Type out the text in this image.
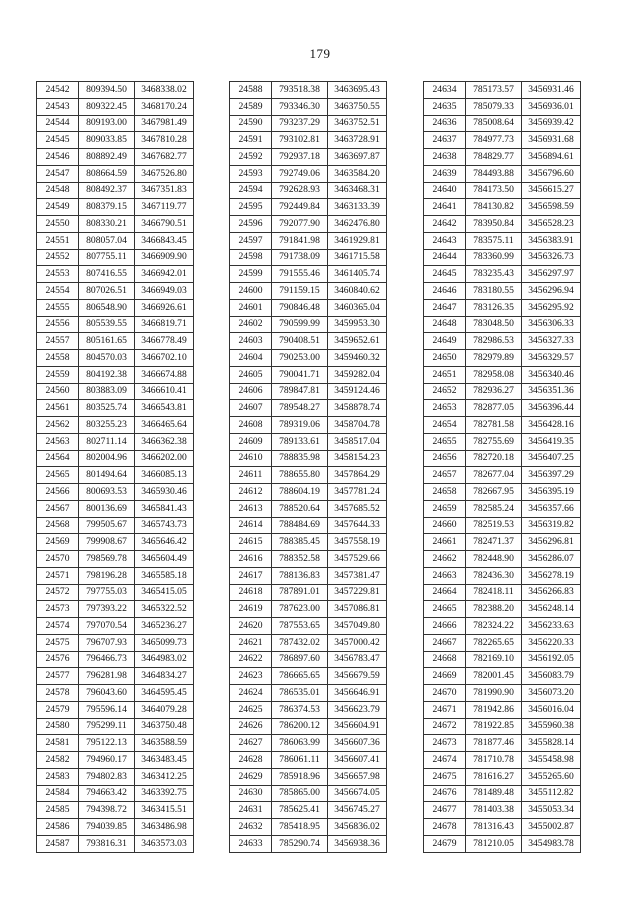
179
24542	809394.50	3468338.02
24543	809322.45	3468170.24
24544	809193.00	3467981.49
24545	809033.85	3467810.28
24546	808892.49	3467682.77
24547	808664.59	3467526.80
24548	808492.37	3467351.83
24549	808379.15	3467119.77
24550	808330.21	3466790.51
24551	808057.04	3466843.45
24552	807755.11	3466909.90
24553	807416.55	3466942.01
24554	807026.51	3466949.03
24555	806548.90	3466926.61
24556	805539.55	3466819.71
24557	805161.65	3466778.49
24558	804570.03	3466702.10
24559	804192.38	3466674.88
24560	803883.09	3466610.41
24561	803525.74	3466543.81
24562	803255.23	3466465.64
24563	802711.14	3466362.38
24564	802004.96	3466202.00
24565	801494.64	3466085.13
24566	800693.53	3465930.46
24567	800136.69	3465841.43
24568	799505.67	3465743.73
24569	799908.67	3465646.42
24570	798569.78	3465604.49
24571	798196.28	3465585.18
24572	797755.03	3465415.05
24573	797393.22	3465322.52
24574	797070.54	3465236.27
24575	796707.93	3465099.73
24576	796466.73	3464983.02
24577	796281.98	3464834.27
24578	796043.60	3464595.45
24579	795596.14	3464079.28
24580	795299.11	3463750.48
24581	795122.13	3463588.59
24582	794960.17	3463483.45
24583	794802.83	3463412.25
24584	794663.42	3463392.75
24585	794398.72	3463415.51
24586	794039.85	3463486.98
24587	793816.31	3463573.03
24588	793518.38	3463695.43
24589	793346.30	3463750.55
24590	793237.29	3463752.51
24591	793102.81	3463728.91
24592	792937.18	3463697.87
24593	792749.06	3463584.20
24594	792628.93	3463468.31
24595	792449.84	3463133.39
24596	792077.90	3462476.80
24597	791841.98	3461929.81
24598	791738.09	3461715.58
24599	791555.46	3461405.74
24600	791159.15	3460840.62
24601	790846.48	3460365.04
24602	790599.99	3459953.30
24603	790408.51	3459652.61
24604	790253.00	3459460.32
24605	790041.71	3459282.04
24606	789847.81	3459124.46
24607	789548.27	3458878.74
24608	789319.06	3458704.78
24609	789133.61	3458517.04
24610	788835.98	3458154.23
24611	788655.80	3457864.29
24612	788604.19	3457781.24
24613	788520.64	3457685.52
24614	788484.69	3457644.33
24615	788385.45	3457558.19
24616	788352.58	3457529.66
24617	788136.83	3457381.47
24618	787891.01	3457229.81
24619	787623.00	3457086.81
24620	787553.65	3457049.80
24621	787432.02	3457000.42
24622	786897.60	3456783.47
24623	786665.65	3456679.59
24624	786535.01	3456646.91
24625	786374.53	3456623.79
24626	786200.12	3456604.91
24627	786063.99	3456607.36
24628	786061.11	3456607.41
24629	785918.96	3456657.98
24630	785865.00	3456674.05
24631	785625.41	3456745.27
24632	785418.95	3456836.02
24633	785290.74	3456938.36
24634	785173.57	3456931.46
24635	785079.33	3456936.01
24636	785008.64	3456939.42
24637	784977.73	3456931.68
24638	784829.77	3456894.61
24639	784493.88	3456796.60
24640	784173.50	3456615.27
24641	784130.82	3456598.59
24642	783950.84	3456528.23
24643	783575.11	3456383.91
24644	783360.99	3456326.73
24645	783235.43	3456297.97
24646	783180.55	3456296.94
24647	783126.35	3456295.92
24648	783048.50	3456306.33
24649	782986.53	3456327.33
24650	782979.89	3456329.57
24651	782958.08	3456340.46
24652	782936.27	3456351.36
24653	782877.05	3456396.44
24654	782781.58	3456428.16
24655	782755.69	3456419.35
24656	782720.18	3456407.25
24657	782677.04	3456397.29
24658	782667.95	3456395.19
24659	782585.24	3456357.66
24660	782519.53	3456319.82
24661	782471.37	3456296.81
24662	782448.90	3456286.07
24663	782436.30	3456278.19
24664	782418.11	3456266.83
24665	782388.20	3456248.14
24666	782324.22	3456233.63
24667	782265.65	3456220.33
24668	782169.10	3456192.05
24669	782001.45	3456083.79
24670	781990.90	3456073.20
24671	781942.86	3456016.04
24672	781922.85	3455960.38
24673	781877.46	3455828.14
24674	781710.78	3455458.98
24675	781616.27	3455265.60
24676	781489.48	3455112.82
24677	781403.38	3455053.34
24678	781316.43	3455002.87
24679	781210.05	3454983.78
